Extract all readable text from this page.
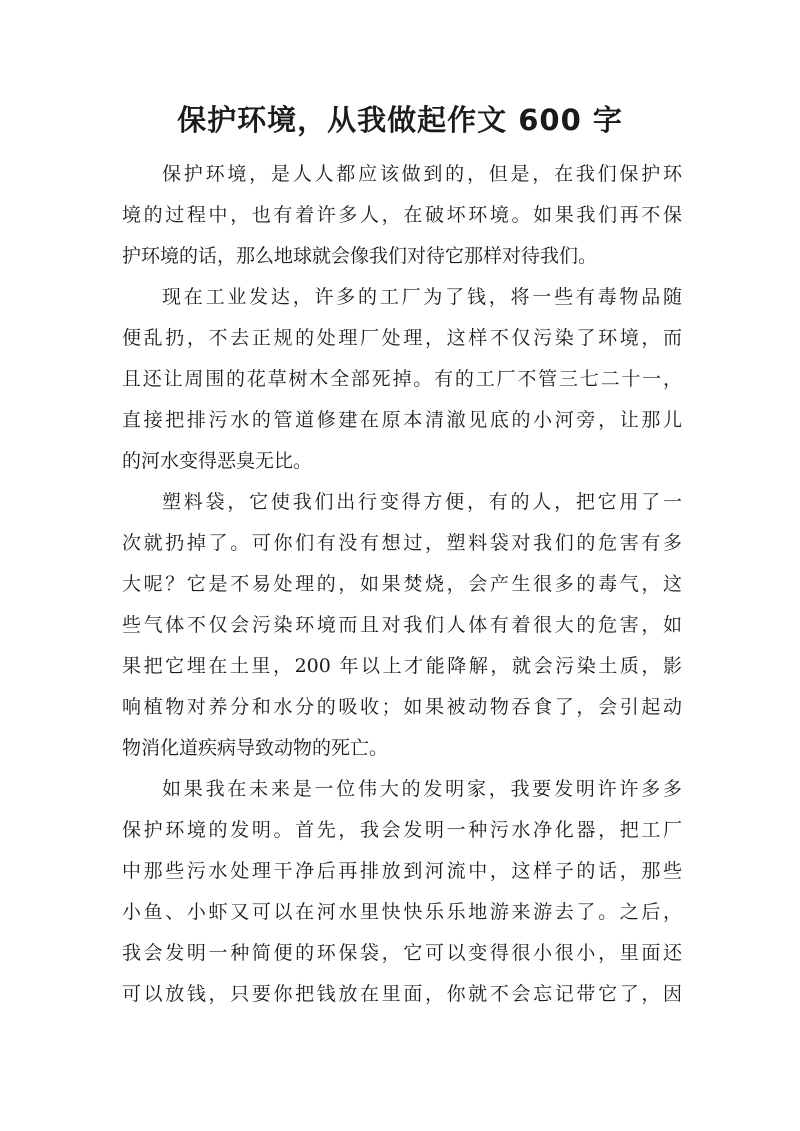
保护环境，从我做起作文 600 字

保护环境，是人人都应该做到的，但是，在我们保护环
境的过程中，也有着许多人，在破坏环境。如果我们再不保
护环境的话，那么地球就会像我们对待它那样对待我们。

现在工业发达，许多的工厂为了钱，将一些有毒物品随
便乱扔，不去正规的处理厂处理，这样不仅污染了环境，而
且还让周围的花草树木全部死掉。有的工厂不管三七二十一，
直接把排污水的管道修建在原本清澈见底的小河旁，让那儿
的河水变得恶臭无比。

塑料袋，它使我们出行变得方便，有的人，把它用了一
次就扔掉了。可你们有没有想过，塑料袋对我们的危害有多
大呢？它是不易处理的，如果焚烧，会产生很多的毒气，这
些气体不仅会污染环境而且对我们人体有着很大的危害，如
果把它埋在土里，200 年以上才能降解，就会污染土质，影
响植物对养分和水分的吸收；如果被动物吞食了，会引起动
物消化道疾病导致动物的死亡。

如果我在未来是一位伟大的发明家，我要发明许许多多
保护环境的发明。首先，我会发明一种污水净化器，把工厂
中那些污水处理干净后再排放到河流中，这样子的话，那些
小鱼、小虾又可以在河水里快快乐乐地游来游去了。之后，
我会发明一种简便的环保袋，它可以变得很小很小，里面还
可以放钱，只要你把钱放在里面，你就不会忘记带它了，因
